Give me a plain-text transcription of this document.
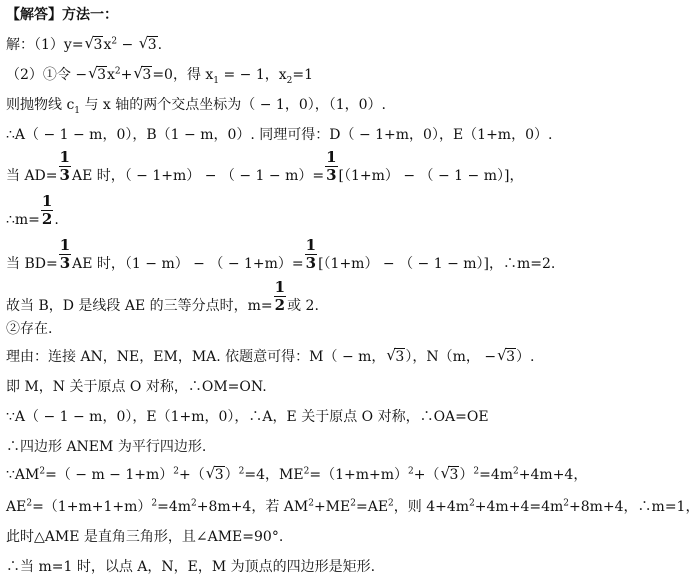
【解答】方法一：
解：（1）y= √ $3x^2$ − √ 3.
（2）①令 − √ $3x^2+$ √ 3=0，得 $x_1$ = − 1，$x_2=1$
则抛物线 $c_1$ 与 x 轴的两个交点坐标为（ − 1，0），（1，0）.
∴A（ − 1 − m，0），B（1 − m，0）. 同理可得：D（ − 1+m，0），E（1+m，0）.
当 $AD= \frac{1}{3}$ AE 时，（ − 1+m） − （ − $1 - m)= \frac{1}{3} [(1+m)$ − （ − 1 − m）]，
∴m= $\frac{1}{2}$ .
当 $BD= \frac{1}{3}$ AE 时，（1 − m） − （ − $1+m)= \frac{1}{3} [(1+m)$ − （ − 1 − m）]，∴m=2.
故当 B，D 是线段 AE 的三等分点时，$m= \frac{1}{2}$ 或 2.
②存在.
理由：连接 AN，NE，EM，MA. 依题意可得：M（ − m， √ 3），N（m， − √ 3）.
即 M，N 关于原点 O 对称，∴OM=ON.
∵A（ − 1 − m，0），E（1+m，0），∴A，E 关于原点 O 对称，∴OA=OE
∴四边形 ANEM 为平行四边形.
$\because AM^2=( - m - 1+m)^2+$（ √ 3）$^2$=4，$ME^2=(1+m+m)^2+$（ √ $3)^2=4m^2+4m+4$，
$AE^2=(1+m+1+m)^2=4m^2+8m+4$，若 $AM^2+ME^2=AE^2$，则 $4+4m^2+4m+4=4m^2+8m+4$，∴m=1，
此时△AME 是直角三角形，且∠AME=90°.
∴当 m=1 时，以点 A，N，E，M 为顶点的四边形是矩形.
